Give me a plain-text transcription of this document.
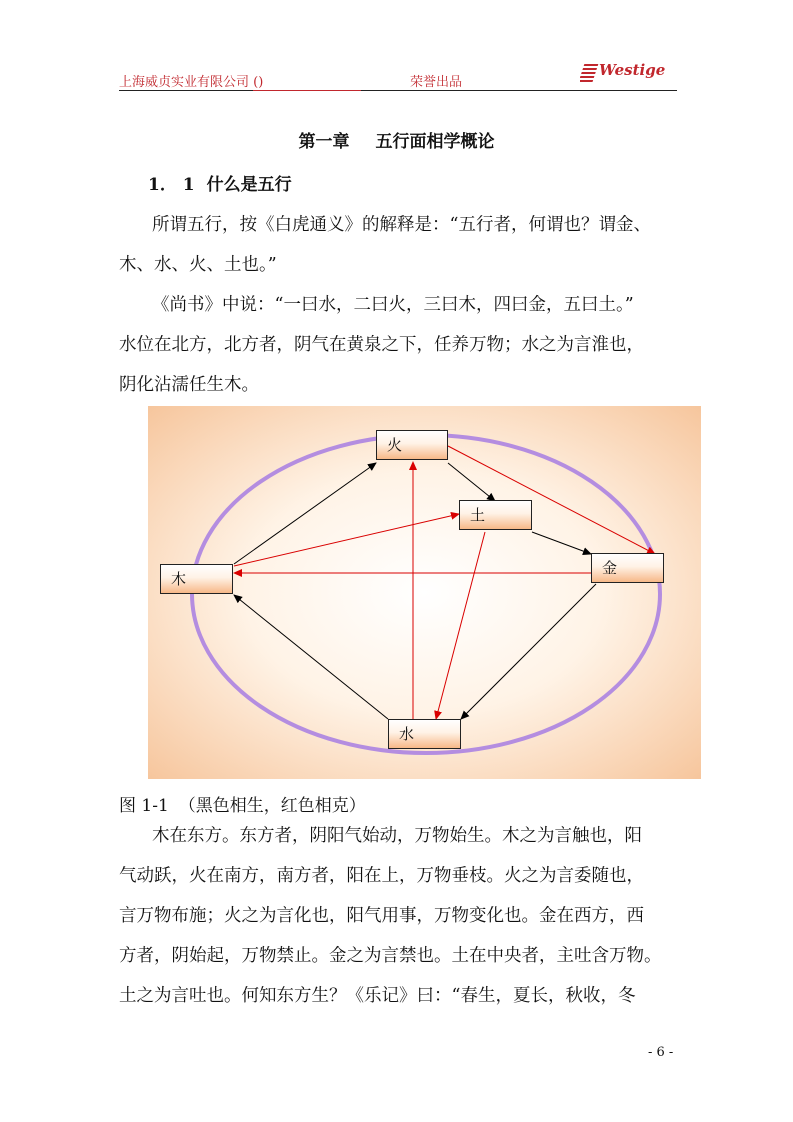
上海威贞实业有限公司 ()	荣誉出品
Westige
第一章 五行面相学概论
1． 1 什么是五行
所谓五行，按《白虎通义》的解释是：“五行者，何谓也？谓金、
木、水、火、土也。”
《尚书》中说：“一曰水，二曰火，三曰木，四曰金，五曰土。”
水位在北方，北方者，阴气在黄泉之下，任养万物；水之为言淮也，
阴化沾濡任生木。
火
土
金
木
水
图 1-1 （黑色相生，红色相克）
木在东方。东方者，阴阳气始动，万物始生。木之为言触也，阳
气动跃，火在南方，南方者，阳在上，万物垂枝。火之为言委随也，
言万物布施；火之为言化也，阳气用事，万物变化也。金在西方，西
方者，阴始起，万物禁止。金之为言禁也。土在中央者，主吐含万物。
土之为言吐也。何知东方生？《乐记》曰：“春生，夏长，秋收，冬
- 6 -
